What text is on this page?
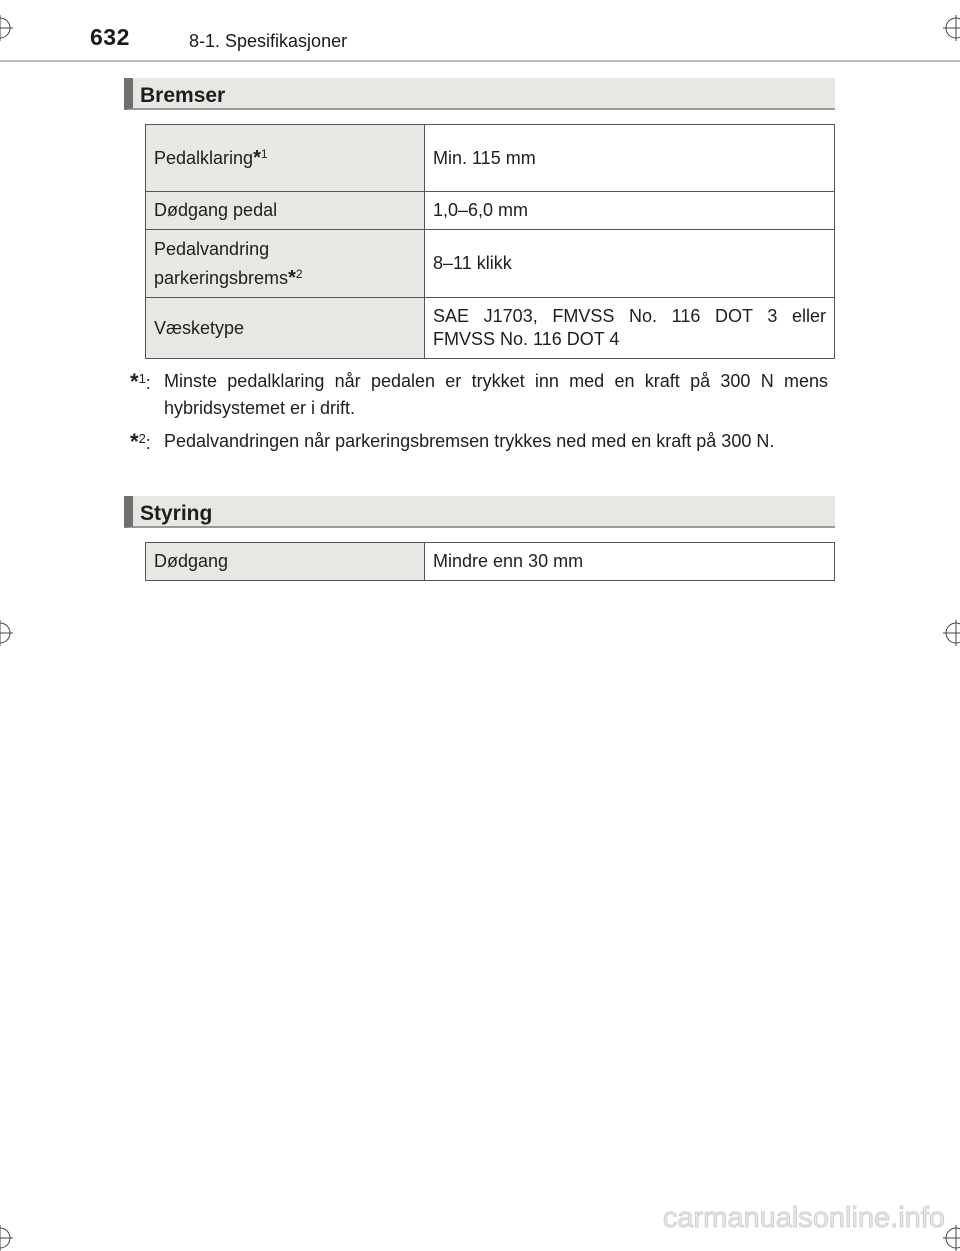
632	8-1. Spesifikasjoner
Bremser
Pedalklaring*$^1$	Min. 115 mm
Dødgang pedal	1,0–6,0 mm
Pedalvandring
parkeringsbrems*$^2$	8–11 klikk
Væsketype	SAE J1703, FMVSS No. 116 DOT 3 eller
FMVSS No. 116 DOT 4
*$^1$: Minste pedalklaring når pedalen er trykket inn med en kraft på 300 N mens hybridsystemet er i drift.
*$^2$: Pedalvandringen når parkeringsbremsen trykkes ned med en kraft på 300 N.
Styring
Dødgang	Mindre enn 30 mm
carmanualsonline.info
